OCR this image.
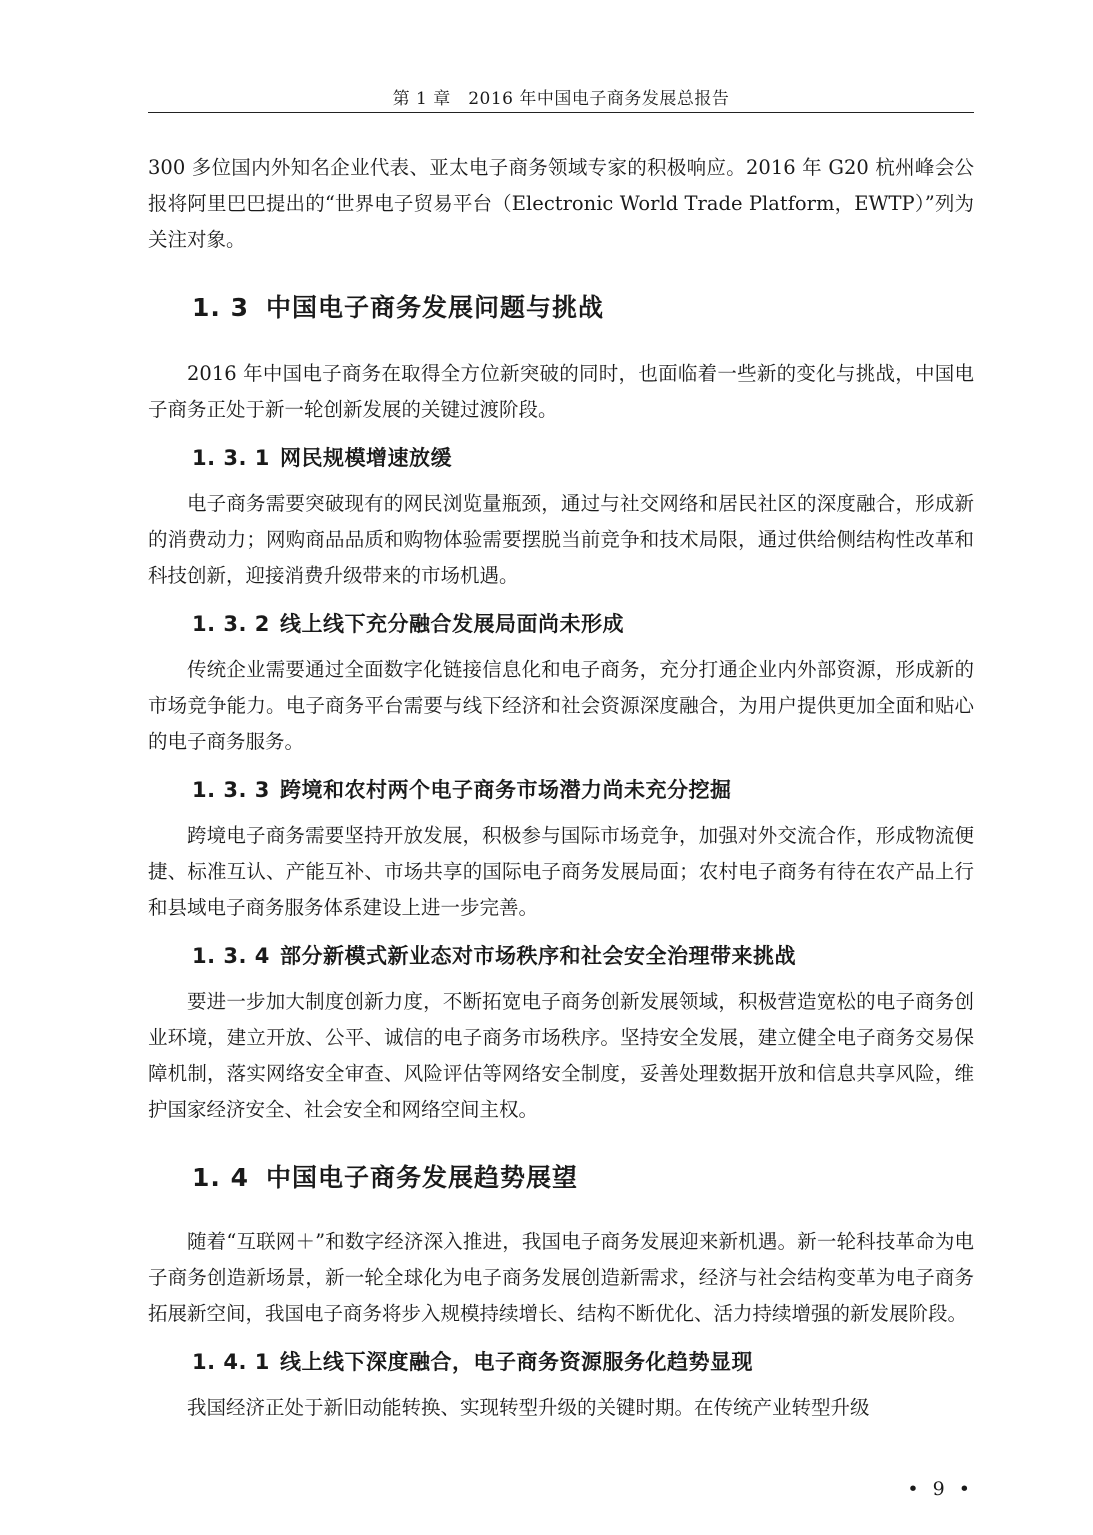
第 1 章　2016 年中国电子商务发展总报告

300 多位国内外知名企业代表、亚太电子商务领域专家的积极响应。2016 年 G20 杭州峰会公报将阿里巴巴提出的“世界电子贸易平台（Electronic World Trade Platform，EWTP）”列为关注对象。

1. 3 中国电子商务发展问题与挑战

2016 年中国电子商务在取得全方位新突破的同时，也面临着一些新的变化与挑战，中国电子商务正处于新一轮创新发展的关键过渡阶段。

1. 3. 1 网民规模增速放缓

电子商务需要突破现有的网民浏览量瓶颈，通过与社交网络和居民社区的深度融合，形成新的消费动力；网购商品品质和购物体验需要摆脱当前竞争和技术局限，通过供给侧结构性改革和科技创新，迎接消费升级带来的市场机遇。

1. 3. 2 线上线下充分融合发展局面尚未形成

传统企业需要通过全面数字化链接信息化和电子商务，充分打通企业内外部资源，形成新的市场竞争能力。电子商务平台需要与线下经济和社会资源深度融合，为用户提供更加全面和贴心的电子商务服务。

1. 3. 3 跨境和农村两个电子商务市场潜力尚未充分挖掘

跨境电子商务需要坚持开放发展，积极参与国际市场竞争，加强对外交流合作，形成物流便捷、标准互认、产能互补、市场共享的国际电子商务发展局面；农村电子商务有待在农产品上行和县域电子商务服务体系建设上进一步完善。

1. 3. 4 部分新模式新业态对市场秩序和社会安全治理带来挑战

要进一步加大制度创新力度，不断拓宽电子商务创新发展领域，积极营造宽松的电子商务创业环境，建立开放、公平、诚信的电子商务市场秩序。坚持安全发展，建立健全电子商务交易保障机制，落实网络安全审查、风险评估等网络安全制度，妥善处理数据开放和信息共享风险，维护国家经济安全、社会安全和网络空间主权。

1. 4 中国电子商务发展趋势展望

随着“互联网＋”和数字经济深入推进，我国电子商务发展迎来新机遇。新一轮科技革命为电子商务创造新场景，新一轮全球化为电子商务发展创造新需求，经济与社会结构变革为电子商务拓展新空间，我国电子商务将步入规模持续增长、结构不断优化、活力持续增强的新发展阶段。

1. 4. 1 线上线下深度融合，电子商务资源服务化趋势显现

我国经济正处于新旧动能转换、实现转型升级的关键时期。在传统产业转型升级

• 9 •
